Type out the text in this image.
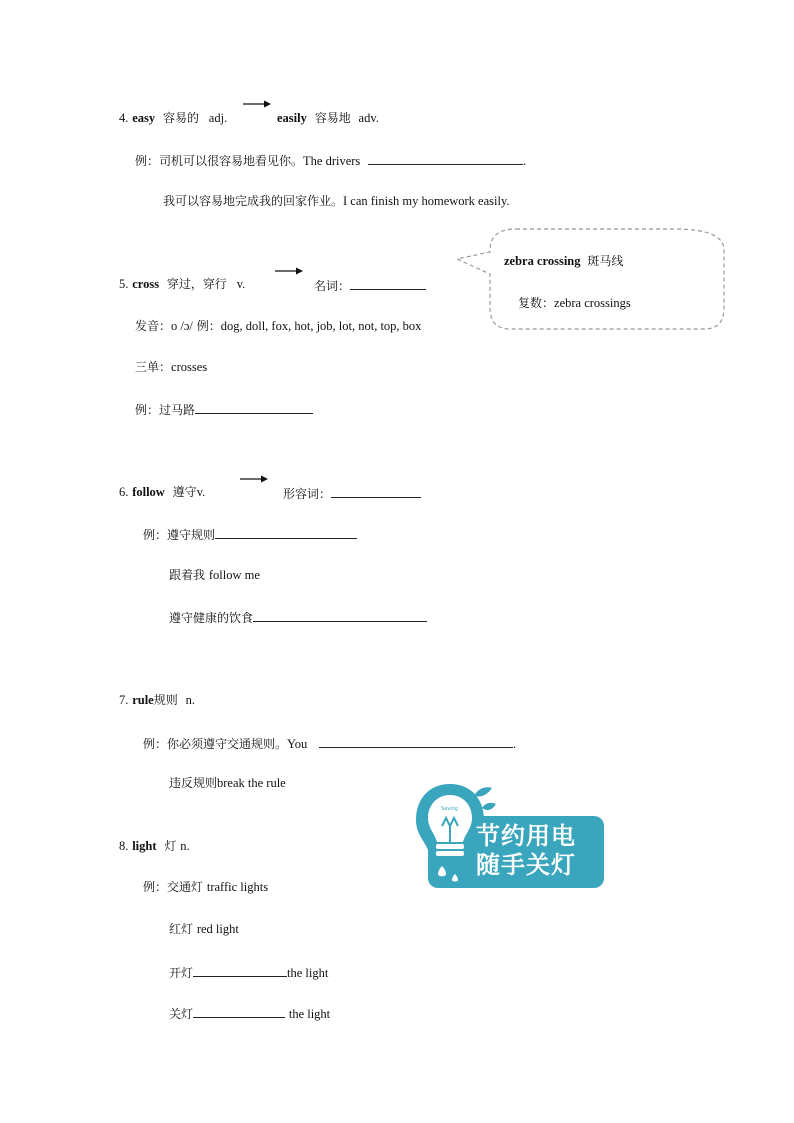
4. easy 容易的 adj.	easily 容易地 adv.
例：司机可以很容易地看见你。The drivers	.
我可以容易地完成我的回家作业。I can finish my homework easily.
zebra crossing 斑马线
复数：zebra crossings
5. cross 穿过，穿行 v.	名词：
发音：o /ɔ/ 例：dog, doll, fox, hot, job, lot, not, top, box
三单：crosses
例：过马路
6. follow 遵守v.	形容词：
例：遵守规则
跟着我 follow me
遵守健康的饮食
7. rule规则 n.
例：你必须遵守交通规则。You	.
违反规则break the rule
Saving
节约用电
随手关灯
8. light 灯 n.
例：交通灯 traffic lights
红灯 red light
开灯	the light
关灯	the light
